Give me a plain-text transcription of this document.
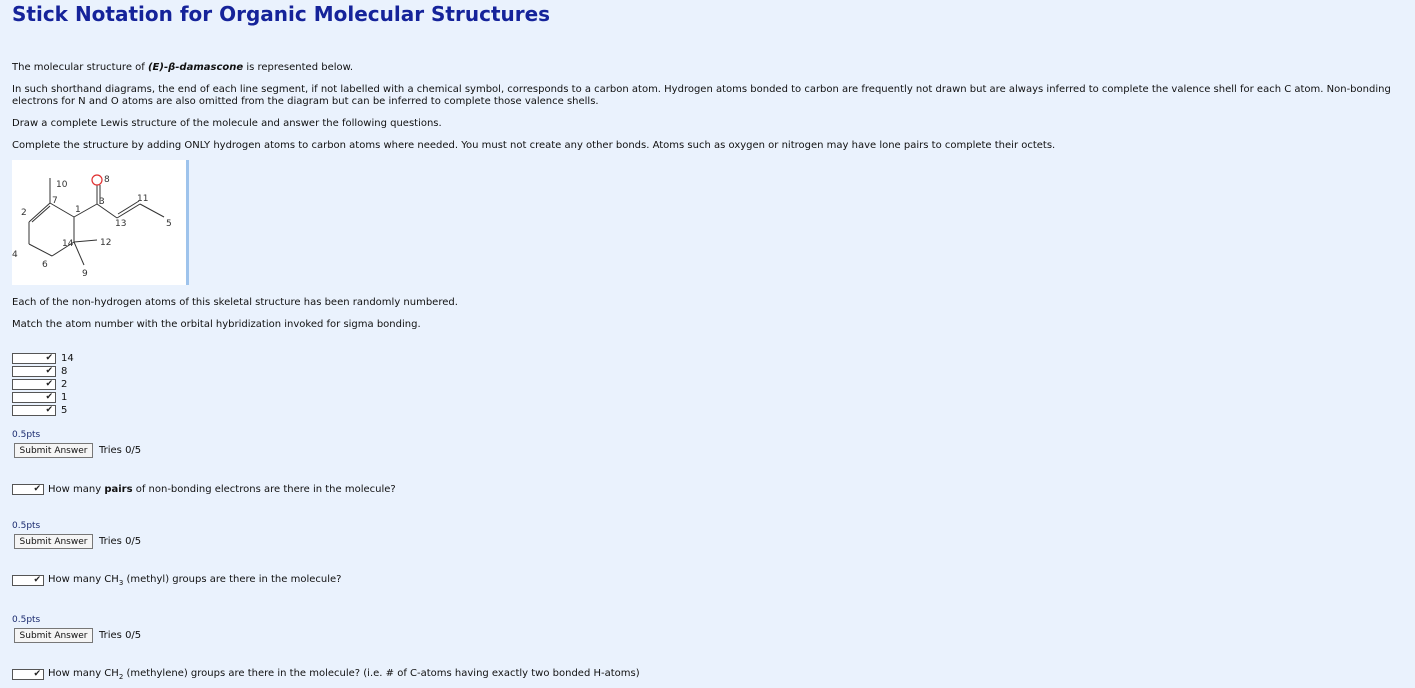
Stick Notation for Organic Molecular Structures

The molecular structure of (E)-β-damascone is represented below.

In such shorthand diagrams, the end of each line segment, if not labelled with a chemical symbol, corresponds to a carbon atom. Hydrogen atoms bonded to carbon are frequently not drawn but are always inferred to complete the valence shell for each C atom. Non-bonding electrons for N and O atoms are also omitted from the diagram but can be inferred to complete those valence shells.

Draw a complete Lewis structure of the molecule and answer the following questions.

Complete the structure by adding ONLY hydrogen atoms to carbon atoms where needed. You must not create any other bonds. Atoms such as oxygen or nitrogen may have lone pairs to complete their octets.

10	8
7	3	11
2	1
13	5
14	12
4
6
9

Each of the non-hydrogen atoms of this skeletal structure has been randomly numbered.

Match the atom number with the orbital hybridization invoked for sigma bonding.

✔ 14
✔ 8
✔ 2
✔ 1
✔ 5
0.5pts
Submit Answer	Tries 0/5
✔ How many pairs of non-bonding electrons are there in the molecule?
0.5pts
Submit Answer	Tries 0/5
✔ How many $CH_3$ (methyl) groups are there in the molecule?
0.5pts
Submit Answer	Tries 0/5
✔ How many $CH_2$ (methylene) groups are there in the molecule? (i.e. # of C-atoms having exactly two bonded H-atoms)
